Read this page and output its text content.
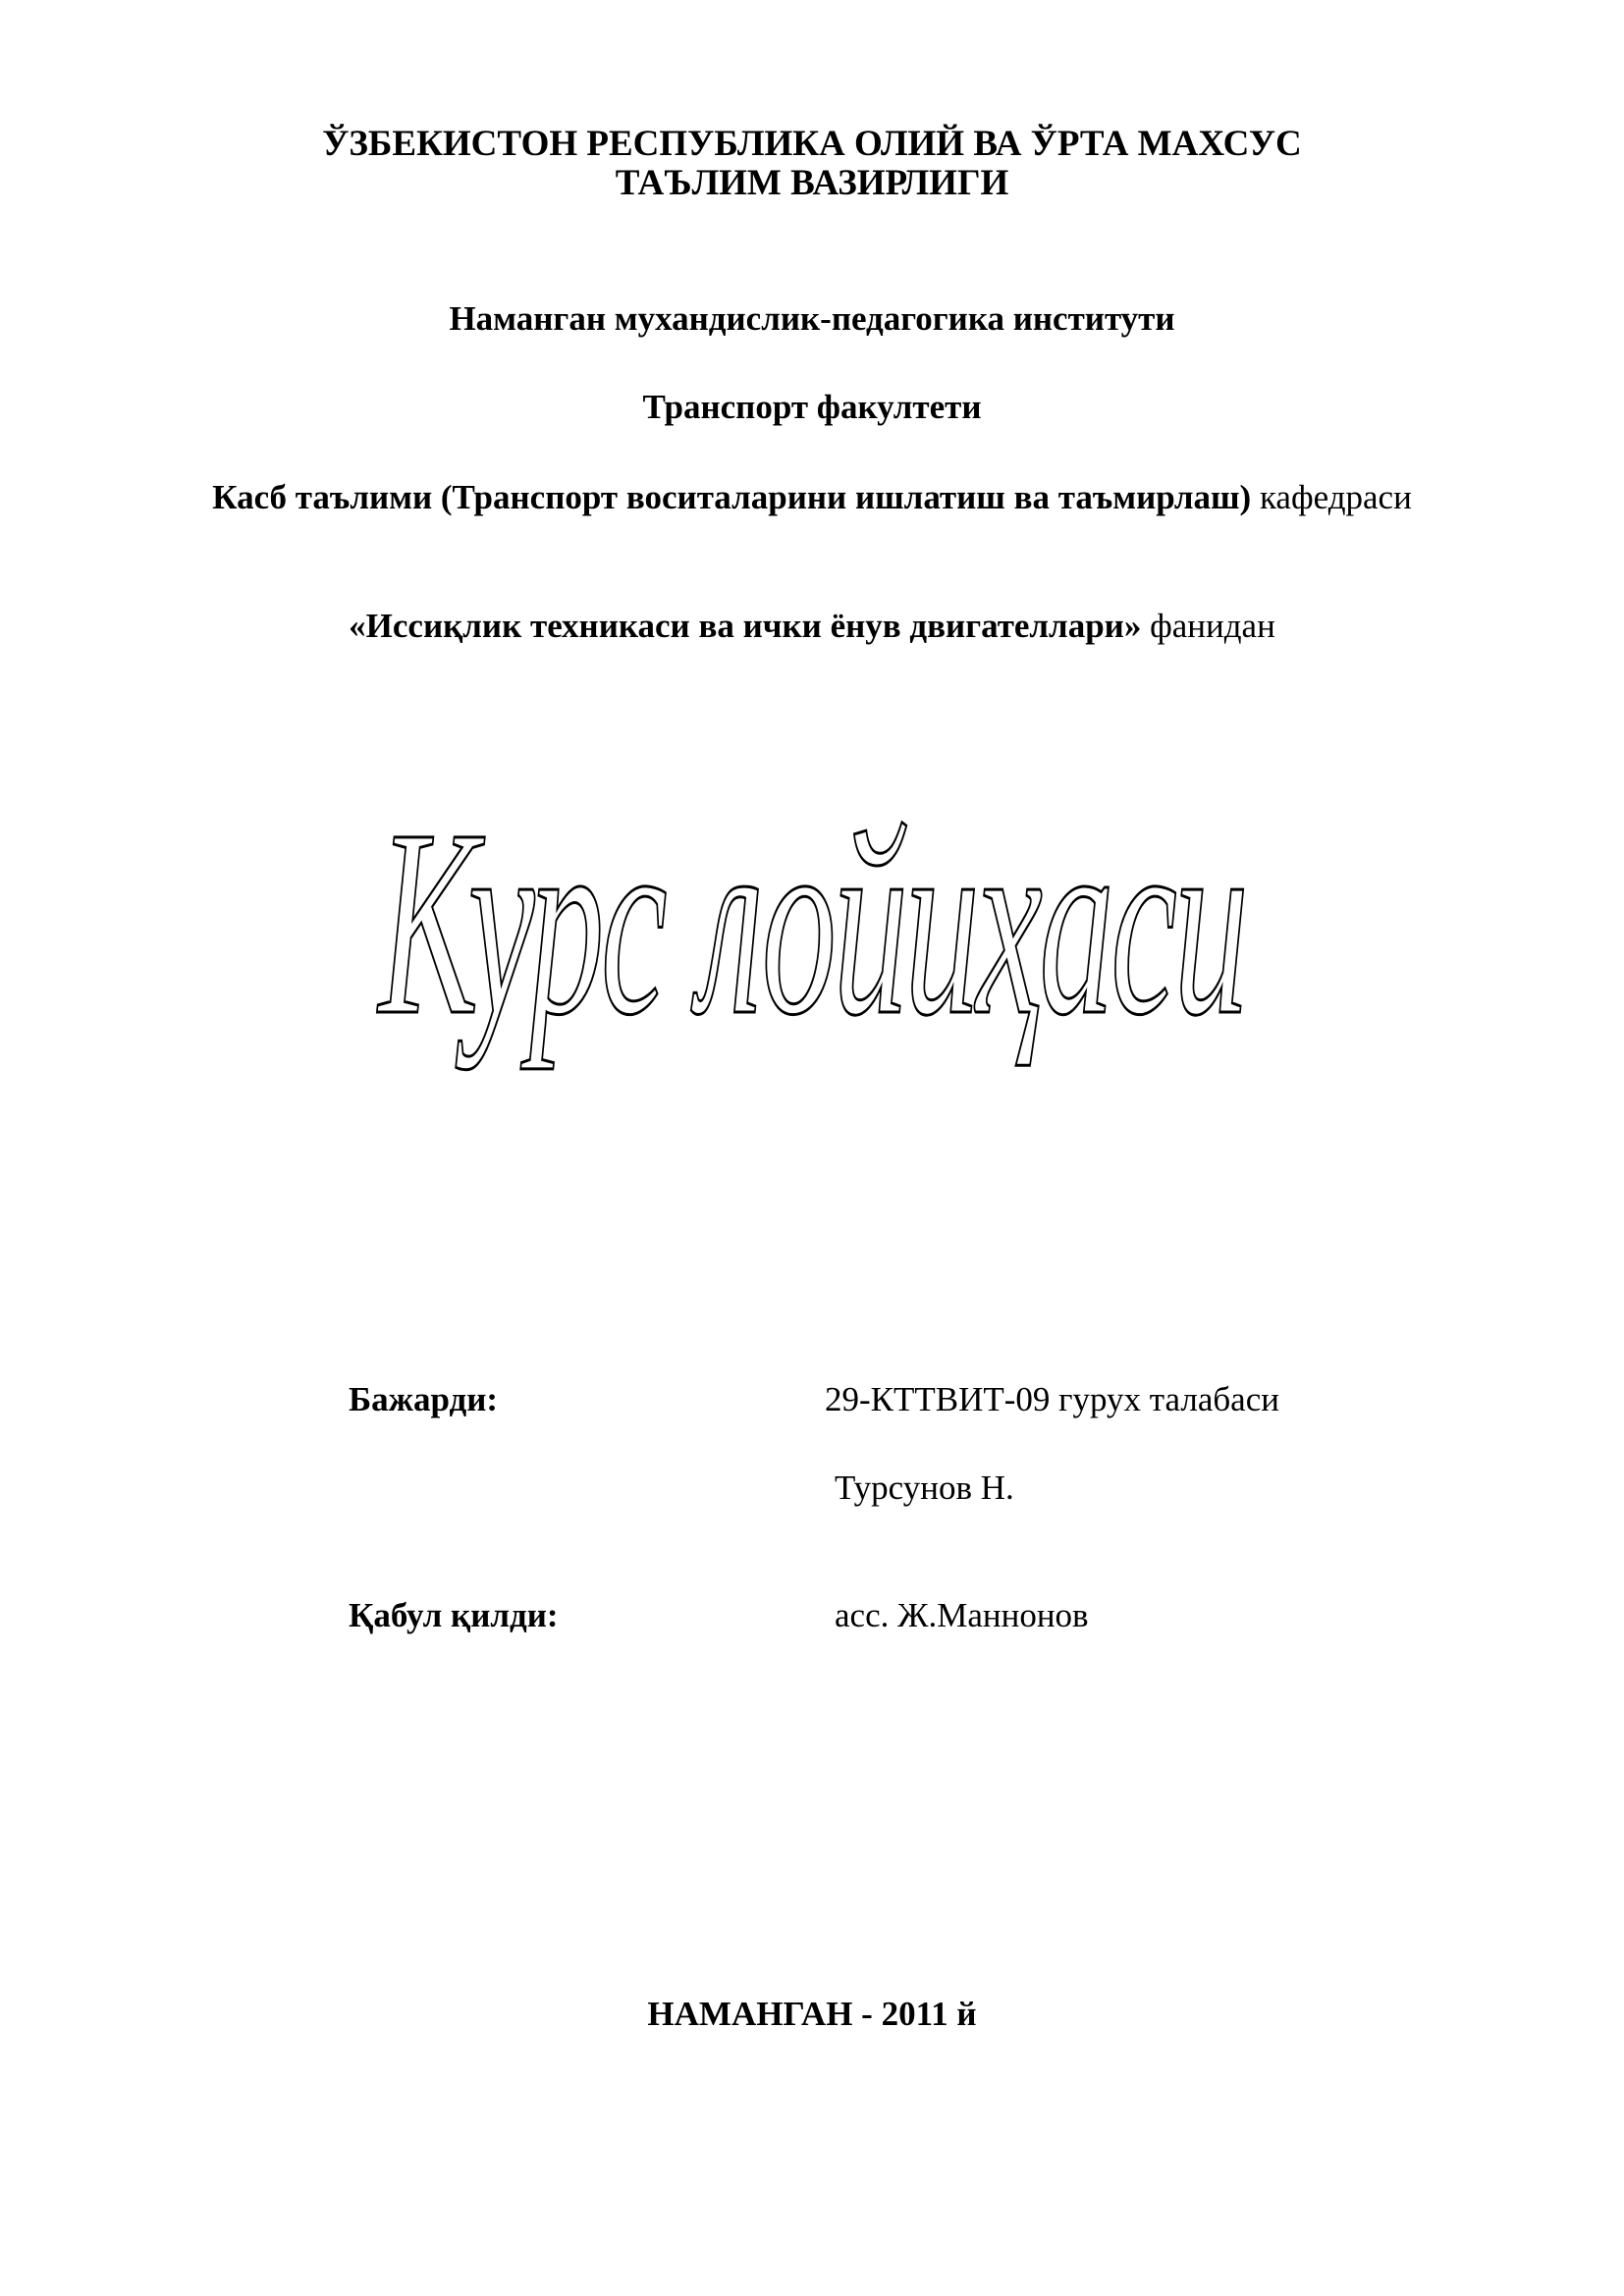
ЎЗБЕКИСТОН РЕСПУБЛИКА ОЛИЙ ВА ЎРТА МАХСУС
ТАЪЛИМ ВАЗИРЛИГИ
Наманган мухандислик-педагогика институти
Транспорт факултети
Касб таълими (Транспорт воситаларини ишлатиш ва таъмирлаш) кафедраси
«Иссиқлик техникаси ва ички ёнув двигателлари» фанидан
Курс лойиҳаси
Бажарди:	29-КТТВИТ-09 гурух талабаси
Турсунов Н.
Қабул қилди:	асс. Ж.Маннонов
НАМАНГАН - 2011 й
